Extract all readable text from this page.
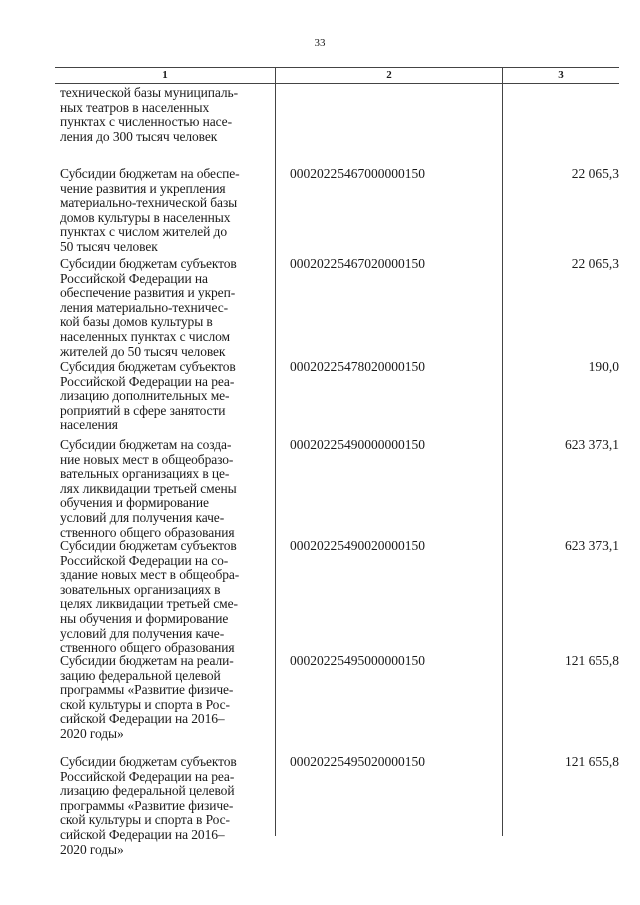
33
1	2	3
технической базы муниципаль-
ных театров в населенных
пунктах с численностью насе-
ления до 300 тысяч человек
Субсидии бюджетам на обеспе-
чение развития и укрепления
материально-технической базы
домов культуры в населенных
пунктах с числом жителей до
50 тысяч человек
00020225467000000150	22 065,3
Субсидии бюджетам субъектов
Российской Федерации на
обеспечение развития и укреп-
ления материально-техничес-
кой базы домов культуры в
населенных пунктах с числом
жителей до 50 тысяч человек
00020225467020000150	22 065,3
Субсидия бюджетам субъектов
Российской Федерации на реа-
лизацию дополнительных ме-
роприятий в сфере занятости
населения
00020225478020000150	190,0
Субсидии бюджетам на созда-
ние новых мест в общеобразо-
вательных организациях в це-
лях ликвидации третьей смены
обучения и формирование
условий для получения каче-
ственного общего образования
00020225490000000150	623 373,1
Субсидии бюджетам субъектов
Российской Федерации на со-
здание новых мест в общеобра-
зовательных организациях в
целях ликвидации третьей сме-
ны обучения и формирование
условий для получения каче-
ственного общего образования
00020225490020000150	623 373,1
Субсидии бюджетам на реали-
зацию федеральной целевой
программы «Развитие физиче-
ской культуры и спорта в Рос-
сийской Федерации на 2016–
2020 годы»
00020225495000000150	121 655,8
Субсидии бюджетам субъектов
Российской Федерации на реа-
лизацию федеральной целевой
программы «Развитие физиче-
ской культуры и спорта в Рос-
сийской Федерации на 2016–
2020 годы»
00020225495020000150	121 655,8
